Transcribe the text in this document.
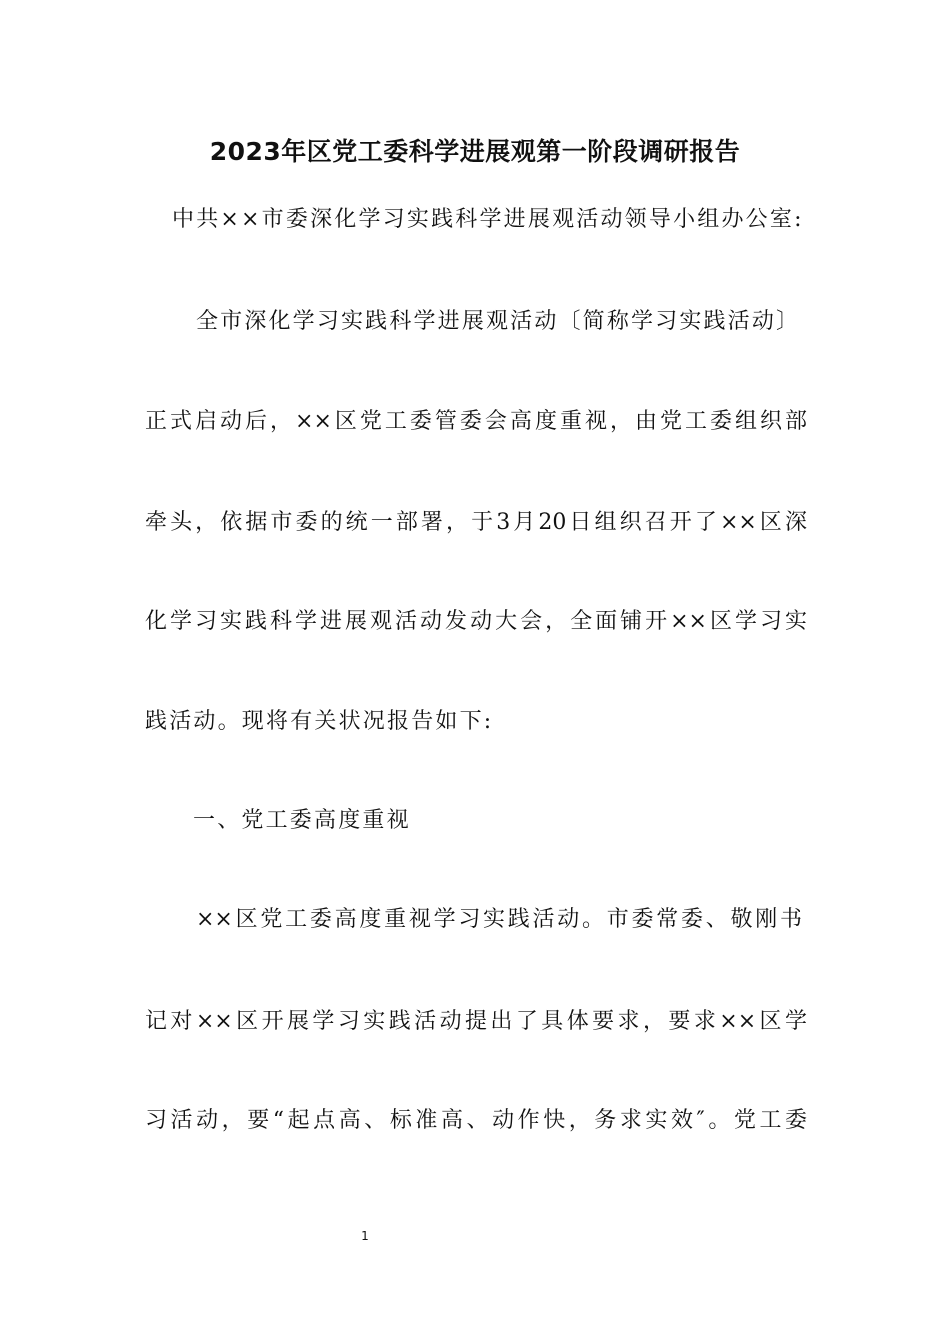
2023年区党工委科学进展观第一阶段调研报告
中共××市委深化学习实践科学进展观活动领导小组办公室:
全市深化学习实践科学进展观活动〔简称学习实践活动〕
正式启动后，××区党工委管委会高度重视，由党工委组织部
牵头，依据市委的统一部署，于3月20日组织召开了××区深
化学习实践科学进展观活动发动大会，全面铺开××区学习实
践活动。现将有关状况报告如下:
一、党工委高度重视
××区党工委高度重视学习实践活动。市委常委、敬刚书
记对××区开展学习实践活动提出了具体要求，要求××区学
习活动，要“起点高、标准高、动作快，务求实效″。党工委
1
